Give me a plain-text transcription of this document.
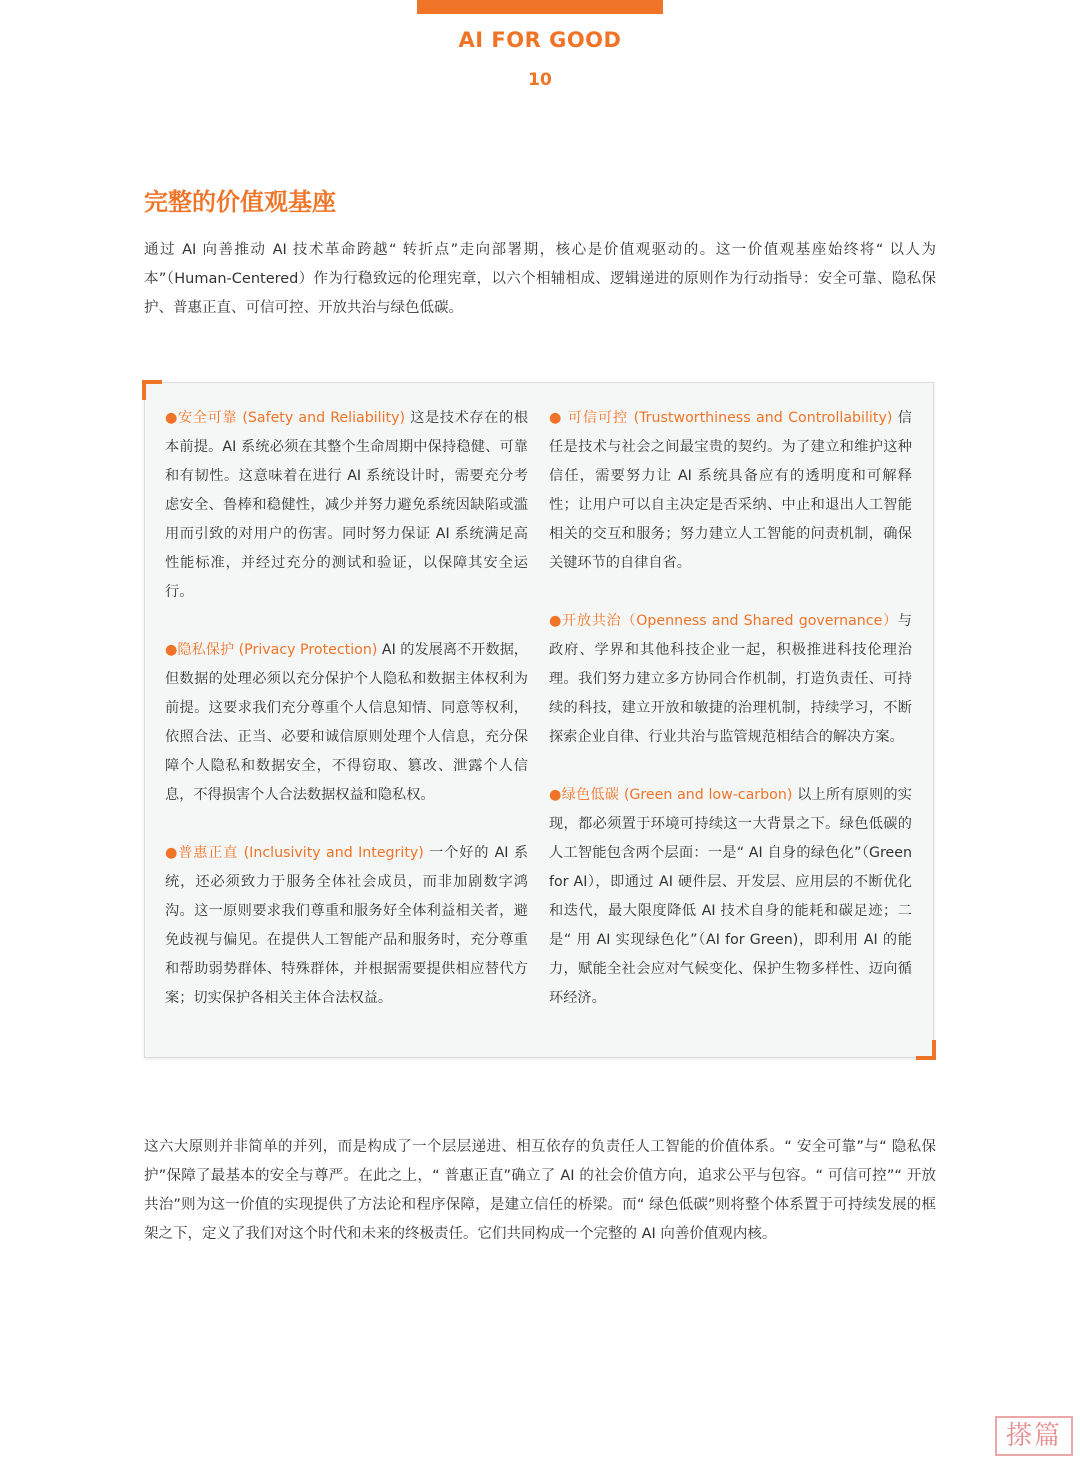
AI FOR GOOD
10
完整的价值观基座

通过 AI 向善推动 AI 技术革命跨越“ 转折点”走向部署期，核心是价值观驱动的。这一价值观基座始终将“ 以人为本”（Human-Centered）作为行稳致远的伦理宪章，以六个相辅相成、逻辑递进的原则作为行动指导：安全可靠、隐私保护、普惠正直、可信可控、开放共治与绿色低碳。

●安全可靠 (Safety and Reliability) 这是技术存在的根本前提。AI 系统必须在其整个生命周期中保持稳健、可靠和有韧性。这意味着在进行 AI 系统设计时，需要充分考虑安全、鲁棒和稳健性，减少并努力避免系统因缺陷或滥用而引致的对用户的伤害。同时努力保证 AI 系统满足高性能标准，并经过充分的测试和验证，以保障其安全运行。

●隐私保护 (Privacy Protection) AI 的发展离不开数据，但数据的处理必须以充分保护个人隐私和数据主体权利为前提。这要求我们充分尊重个人信息知情、同意等权利，依照合法、正当、必要和诚信原则处理个人信息，充分保障个人隐私和数据安全，不得窃取、篡改、泄露个人信息，不得损害个人合法数据权益和隐私权。

●普惠正直 (Inclusivity and Integrity) 一个好的 AI 系统，还必须致力于服务全体社会成员，而非加剧数字鸿沟。这一原则要求我们尊重和服务好全体利益相关者，避免歧视与偏见。在提供人工智能产品和服务时，充分尊重和帮助弱势群体、特殊群体，并根据需要提供相应替代方案；切实保护各相关主体合法权益。

● 可信可控 (Trustworthiness and Controllability) 信任是技术与社会之间最宝贵的契约。为了建立和维护这种信任，需要努力让 AI 系统具备应有的透明度和可解释性；让用户可以自主决定是否采纳、中止和退出人工智能相关的交互和服务；努力建立人工智能的问责机制，确保关键环节的自律自省。

●开放共治（Openness and Shared governance）与政府、学界和其他科技企业一起，积极推进科技伦理治理。我们努力建立多方协同合作机制，打造负责任、可持续的科技，建立开放和敏捷的治理机制，持续学习，不断探索企业自律、行业共治与监管规范相结合的解决方案。

●绿色低碳 (Green and low-carbon) 以上所有原则的实现，都必须置于环境可持续这一大背景之下。绿色低碳的人工智能包含两个层面：一是“ AI 自身的绿色化”（Green for AI），即通过 AI 硬件层、开发层、应用层的不断优化和迭代，最大限度降低 AI 技术自身的能耗和碳足迹；二是“ 用 AI 实现绿色化”（AI for Green)，即利用 AI 的能力，赋能全社会应对气候变化、保护生物多样性、迈向循环经济。

这六大原则并非简单的并列，而是构成了一个层层递进、相互依存的负责任人工智能的价值体系。“ 安全可靠”与“ 隐私保护”保障了最基本的安全与尊严。在此之上，“ 普惠正直”确立了 AI 的社会价值方向，追求公平与包容。“ 可信可控”“ 开放共治”则为这一价值的实现提供了方法论和程序保障，是建立信任的桥梁。而“ 绿色低碳”则将整个体系置于可持续发展的框架之下，定义了我们对这个时代和未来的终极责任。它们共同构成一个完整的 AI 向善价值观内核。

搽篇
